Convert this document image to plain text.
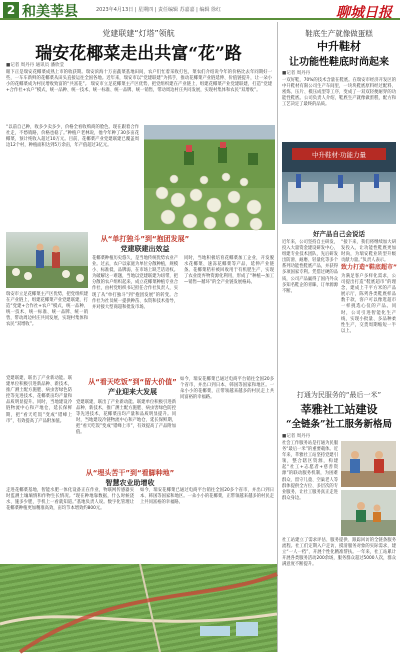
2 和美莘县	2023年4月13日 | 星期四 | 责任编辑 苏嘉嘉 | 编辑 徐红	聊城日报
党建联建“灯塔”领航
瑞安花椰菜走出共富“花”路
■记者 周丹丹 通讯员 潘欣莹
眼下正是瑞安花椰菜成熟上市的收获期。瑞安滨海十万亩蔬菜基地田间，农户们忙着采收打包，菜农们介绍说今年的价格比去年同期好一些，一车车新鲜的花椰菜从田头直接运往全国各地。近年来，瑞安市以“党建联建”为抓手，推动花椰菜产业链延伸、价值链提升，让一朵小小的花椰菜成为村民增收致富的“共富花”。 瑞安市立足花椰菜主产区优势，把党组织建在产业链上，组建花椰菜产业党建联建，打造“党建+合作社+农户”模式，统一品种、统一技术、统一标准、统一品牌、统一销售，带动周边村庄共同发展，实现村集体和农民“双增收”。
“以前自己种，收多少卖多少，价格全看收购商的脸色。现在跟着合作社走，不愁销路，价格也稳了。”种植户老林说，他今年种了30多亩花椰菜，预计纯收入超过10万元。目前，花椰菜产业党建联建已覆盖周边12个村，种植面积达到5万余亩，年产值超过3亿元。
从“单打独斗”到“抱团发展”
党建联建出效益
花椰菜种植历史悠久，是当地传统优势农业产业。过去，农户以家庭为单位分散种植，规模小、标准低、品牌弱，在市场上缺乏话语权。为破解这一难题，当地以党建联建为纽带，把分散的农户组织起来，成立花椰菜种植专业合作社，由村党组织书记担任合作社负责人，实现了从“单打独斗”到“抱团发展”的转变。合作社为社员统一提供种苗、农资和技术指导，并对接大型商超和批发市场。
同时，当地积极培育花椰菜加工企业，开发脱水花椰菜、速冻花椰菜等产品，延伸产业链条。花椰菜秸秆被回收用于有机肥生产，实现了农业废弃物资源化利用，形成了“种植—加工—销售—循环”的全产业链发展格局。
瑞安市立足花椰菜主产区优势，把党组织建在产业链上，组建花椰菜产业党建联建，打造“党建+合作社+农户”模式，统一品种、统一技术、统一标准、统一品牌、统一销售，带动周边村庄共同发展，实现村集体和农民“双增收”。
从“看天吃饭”到“留大价值”
产业迎来大发展
党建联建，联出了产业新动能。联建单位积极引进新品种、新技术，推广测土配方施肥、病虫害绿色防控等先进技术，花椰菜亩均产量和品质明显提升。同时，当地建设冷链物流中心和产地仓，延长保鲜期，把“看天吃饭”变成“错峰上市”，有效提高了产品附加值。
党建联建，联出了产业新动能。联建单位积极引进新品种、新技术，推广测土配方施肥、病虫害绿色防控等先进技术，花椰菜亩均产量和品质明显提升。同时，当地建设冷链物流中心和产地仓，延长保鲜期，把“看天吃饭”变成“错峰上市”，有效提高了产品附加值。
如今，瑞安花椰菜已通过电商平台销往全国20多个省市，并出口到日本、韩国等国家和地区。一朵小小的花椰菜，正带领越来越多的村民走上共同富裕的幸福路。
从“埋头苦干”到“看脚种地”
智慧农业助增收
走进花椰菜基地，智能水肥一体化设备正在作业，物联网传感器实时监测土壤墒情和作物生长情况。“现在种地靠数据，什么时候浇水、施多少肥，手机上一看就知道。”基地负责人说。数字化管理让花椰菜种植更加精准高效，亩均节本增效约800元。
如今，瑞安花椰菜已通过电商平台销往全国20多个省市，并出口到日本、韩国等国家和地区。一朵小小的花椰菜，正带领越来越多的村民走上共同富裕的幸福路。
鞋底生产就像做蛋糕
中升鞋材
让功能性鞋底时尚起来
■记者 周丹丹
一双好鞋，70%的技术含量在鞋底。在瑞安市经济开发区的中升鞋材有限公司生产车间里，一块块鞋底原料经过配料、密炼、压片、模压成型等工序，变成了一双双轻便耐穿的功能性鞋底。公司负责人介绍，鞋底生产就像做蛋糕，配方和工艺决定了最终的品质。
中升鞋材·功能力量
好产品自己会说话
近年来，公司坚持自主研发，投入大量资金建设研发中心，组建专业技术团队，先后研发出防滑、耐磨、轻量化等多个系列功能性鞋底产品，并获得多项国家专利。凭借过硬的品质，公司产品赢得了国内外众多知名鞋企的青睐，订单源源不断。
“接下来，我们将继续加大研发投入，让功能性鞋底更加时尚，为瑞安鞋业转型升级贡献力量。”负责人表示。
致力打造“鞋底超市”
为满足客户多样化需求，公司提出打造“鞋底超市”的理念，建成上千平方米的产品展示厅，陈列各类鞋底样品数千款，客户可以像逛超市一样挑选心仪的产品。同时，公司引进智能化生产线，实现小批量、多品种柔性生产，交货周期缩短一半以上。
打通为民服务的“最后一米”
莘雅社工站建设
“全链条”社工服务新格局
■记者 周丹丹
社会工作服务站是打通为民服务“最后一米”的重要载体。近年来，莘雅社工站坚持党建引领，整合辖区资源，构建起“社工+志愿者+慈善资源”的联动服务机制，为困难群众、留守儿童、空巢老人等群体提供全方位、多层次的专业服务，让社工服务真正走进群众身边。
社工站建立了需求评估、服务提供、跟踪回访的全链条服务流程。社工们定期入户走访，摸清服务对象的实际需求，建立“一人一档”，开展个性化精准帮扶。一年来，社工站累计开展各类服务活动200余场，服务群众超过5000人次，群众满意度不断提升。
